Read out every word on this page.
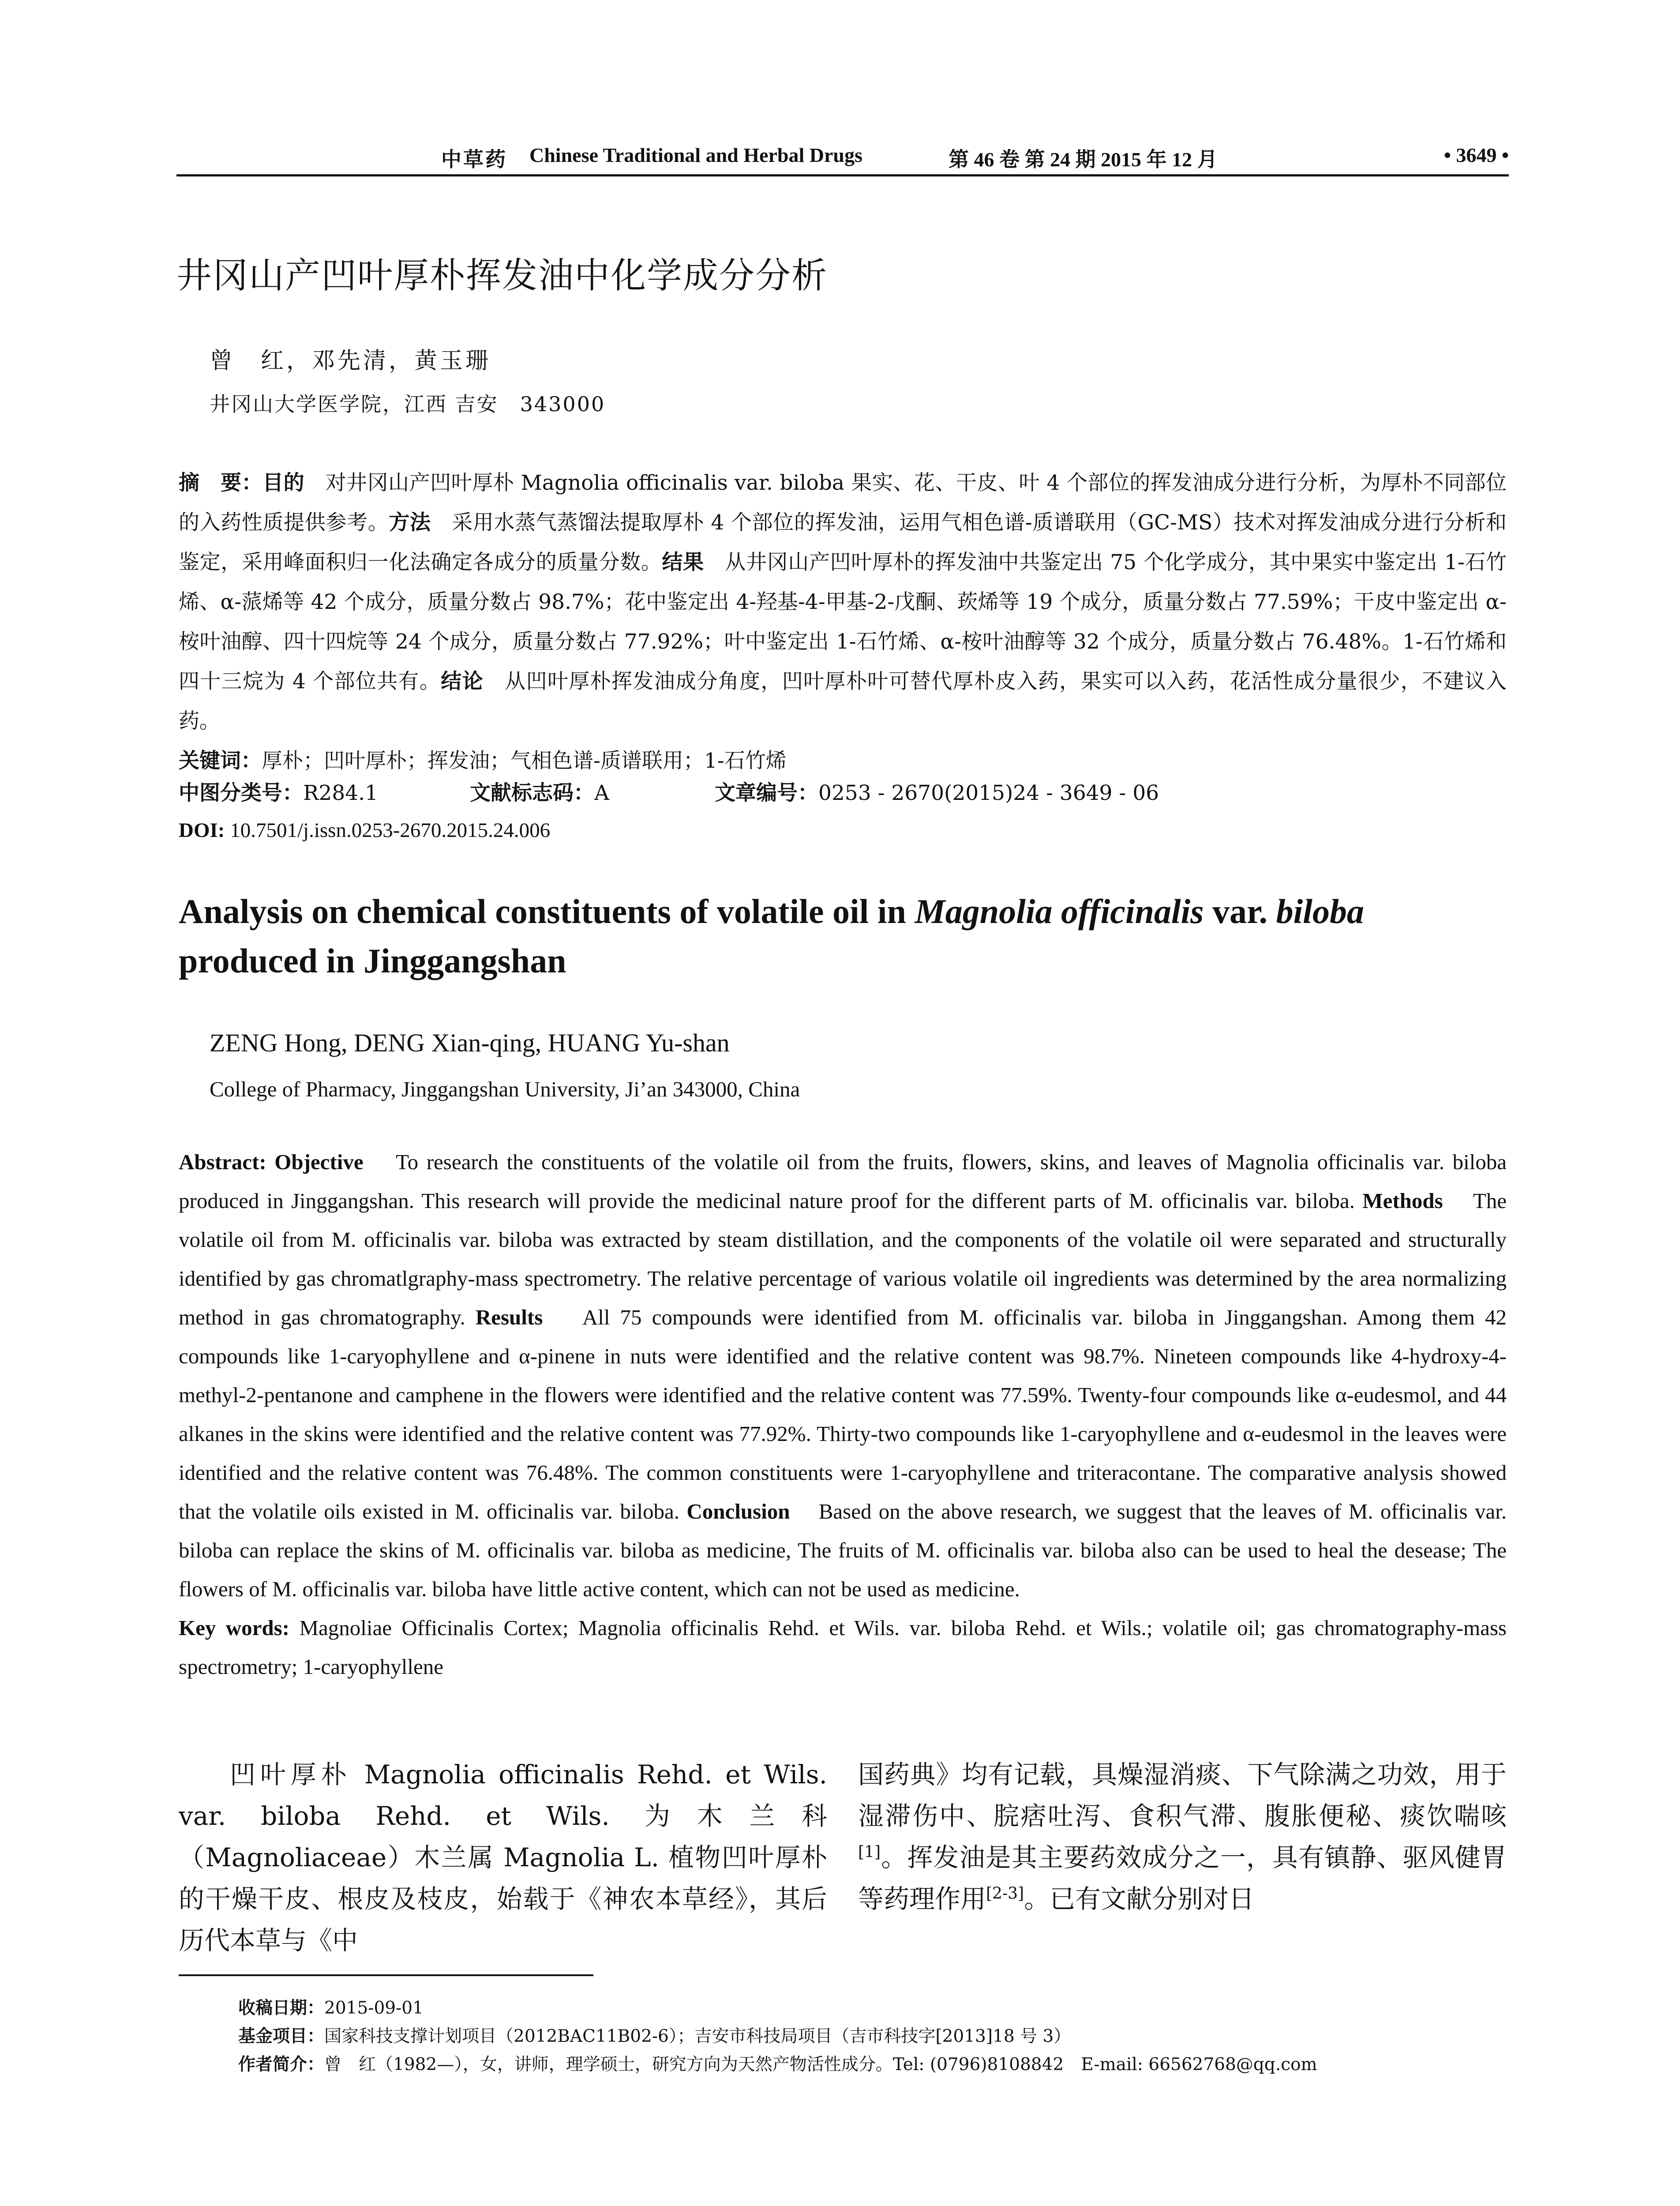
中草药 Chinese Traditional and Herbal Drugs	第 46 卷 第 24 期 2015 年 12 月	• 3649 •
井冈山产凹叶厚朴挥发油中化学成分分析
曾　红，邓先清，黄玉珊
井冈山大学医学院，江西 吉安　343000

摘　要：目的　 对井冈山产凹叶厚朴 Magnolia officinalis var. biloba 果实、花、干皮、叶 4 个部位的挥发油成分进行分析，为厚朴不同部位的入药性质提供参考。方法　 采用水蒸气蒸馏法提取厚朴 4 个部位的挥发油，运用气相色谱-质谱联用（GC-MS）技术对挥发油成分进行分析和鉴定，采用峰面积归一化法确定各成分的质量分数。结果　 从井冈山产凹叶厚朴的挥发油中共鉴定出 75 个化学成分，其中果实中鉴定出 1-石竹烯、α-蒎烯等 42 个成分，质量分数占 98.7%；花中鉴定出 4-羟基-4-甲基-2-戊酮、莰烯等 19 个成分，质量分数占 77.59%；干皮中鉴定出 α-桉叶油醇、四十四烷等 24 个成分，质量分数占 77.92%；叶中鉴定出 1-石竹烯、α-桉叶油醇等 32 个成分，质量分数占 76.48%。1-石竹烯和四十三烷为 4 个部位共有。结论　 从凹叶厚朴挥发油成分角度，凹叶厚朴叶可替代厚朴皮入药，果实可以入药，花活性成分量很少，不建议入药。

关键词：厚朴；凹叶厚朴；挥发油；气相色谱-质谱联用；1-石竹烯

中图分类号：R284.1	文献标志码：A	文章编号：0253 - 2670(2015)24 - 3649 - 06
DOI: 10.7501/j.issn.0253-2670.2015.24.006
Analysis on chemical constituents of volatile oil in Magnolia officinalis var. biloba
produced in Jinggangshan
ZENG Hong, DENG Xian-qing, HUANG Yu-shan
College of Pharmacy, Jinggangshan University, Ji’an 343000, China

Abstract: Objective To research the constituents of the volatile oil from the fruits, flowers, skins, and leaves of Magnolia officinalis var. biloba produced in Jinggangshan. This research will provide the medicinal nature proof for the different parts of M. officinalis var. biloba. Methods The volatile oil from M. officinalis var. biloba was extracted by steam distillation, and the components of the volatile oil were separated and structurally identified by gas chromatlgraphy-mass spectrometry. The relative percentage of various volatile oil ingredients was determined by the area normalizing method in gas chromatography. Results All 75 compounds were identified from M. officinalis var. biloba in Jinggangshan. Among them 42 compounds like 1-caryophyllene and α-pinene in nuts were identified and the relative content was 98.7%. Nineteen compounds like 4-hydroxy-4-methyl-2-pentanone and camphene in the flowers were identified and the relative content was 77.59%. Twenty-four compounds like α-eudesmol, and 44 alkanes in the skins were identified and the relative content was 77.92%. Thirty-two compounds like 1-caryophyllene and α-eudesmol in the leaves were identified and the relative content was 76.48%. The common constituents were 1-caryophyllene and triteracontane. The comparative analysis showed that the volatile oils existed in M. officinalis var. biloba. Conclusion Based on the above research, we suggest that the leaves of M. officinalis var. biloba can replace the skins of M. officinalis var. biloba as medicine, The fruits of M. officinalis var. biloba also can be used to heal the desease; The flowers of M. officinalis var. biloba have little active content, which can not be used as medicine.

Key words: Magnoliae Officinalis Cortex; Magnolia officinalis Rehd. et Wils. var. biloba Rehd. et Wils.; volatile oil; gas chromatography-mass spectrometry; 1-caryophyllene

凹叶厚朴 Magnolia officinalis Rehd. et Wils. var. biloba Rehd. et Wils. 为木兰科（Magnoliaceae）木兰属 Magnolia L. 植物凹叶厚朴的干燥干皮、根皮及枝皮，始载于《神农本草经》，其后历代本草与《中
国药典》均有记载，具燥湿消痰、下气除满之功效，用于湿滞伤中、脘痞吐泻、食积气滞、腹胀便秘、痰饮喘咳[1]。挥发油是其主要药效成分之一，具有镇静、驱风健胃等药理作用[2-3]。已有文献分别对日
收稿日期：2015-09-01
基金项目：国家科技支撑计划项目（2012BAC11B02-6）；吉安市科技局项目（吉市科技字[2013]18 号 3）
作者简介：曾　红（1982—），女，讲师，理学硕士，研究方向为天然产物活性成分。Tel: (0796)8108842　E-mail: 66562768@qq.com
